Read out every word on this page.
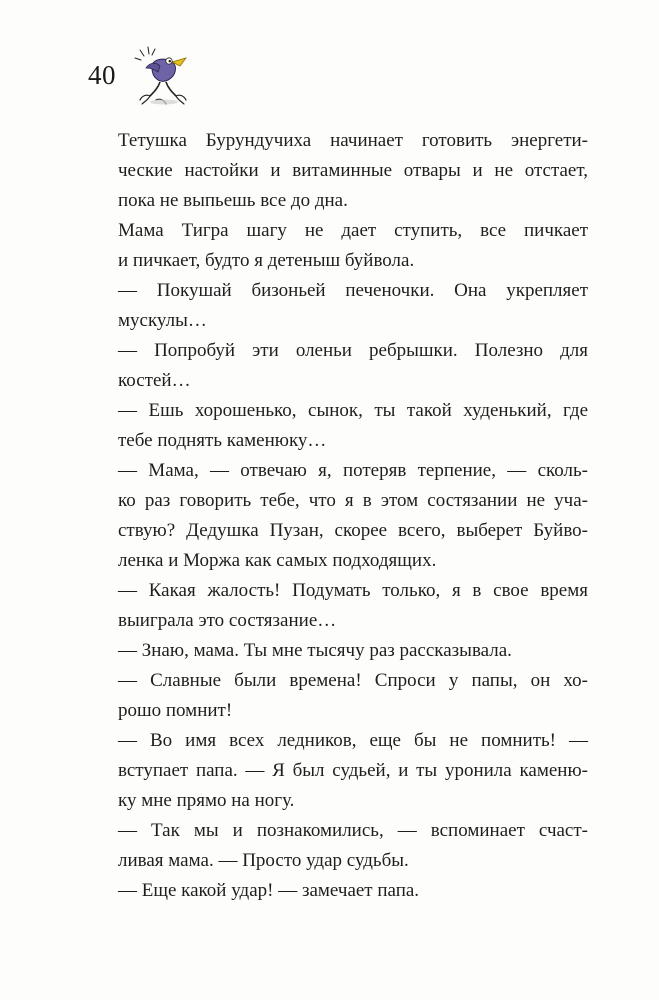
40
Тетушка Бурундучиха начинает готовить энергети-
ческие настойки и витаминные отвары и не отстает,
пока не выпьешь все до дна.
Мама Тигра шагу не дает ступить, все пичкает
и пичкает, будто я детеныш буйвола.
— Покушай бизоньей печеночки. Она укрепляет
мускулы…
— Попробуй эти оленьи ребрышки. Полезно для
костей…
— Ешь хорошенько, сынок, ты такой худенький, где
тебе поднять каменюку…
— Мама, — отвечаю я, потеряв терпение, — сколь-
ко раз говорить тебе, что я в этом состязании не уча-
ствую? Дедушка Пузан, скорее всего, выберет Буйво-
ленка и Моржа как самых подходящих.
— Какая жалость! Подумать только, я в свое время
выиграла это состязание…
— Знаю, мама. Ты мне тысячу раз рассказывала.
— Славные были времена! Спроси у папы, он хо-
рошо помнит!
— Во имя всех ледников, еще бы не помнить! —
вступает папа. — Я был судьей, и ты уронила каменю-
ку мне прямо на ногу.
— Так мы и познакомились, — вспоминает счаст-
ливая мама. — Просто удар судьбы.
— Еще какой удар! — замечает папа.
